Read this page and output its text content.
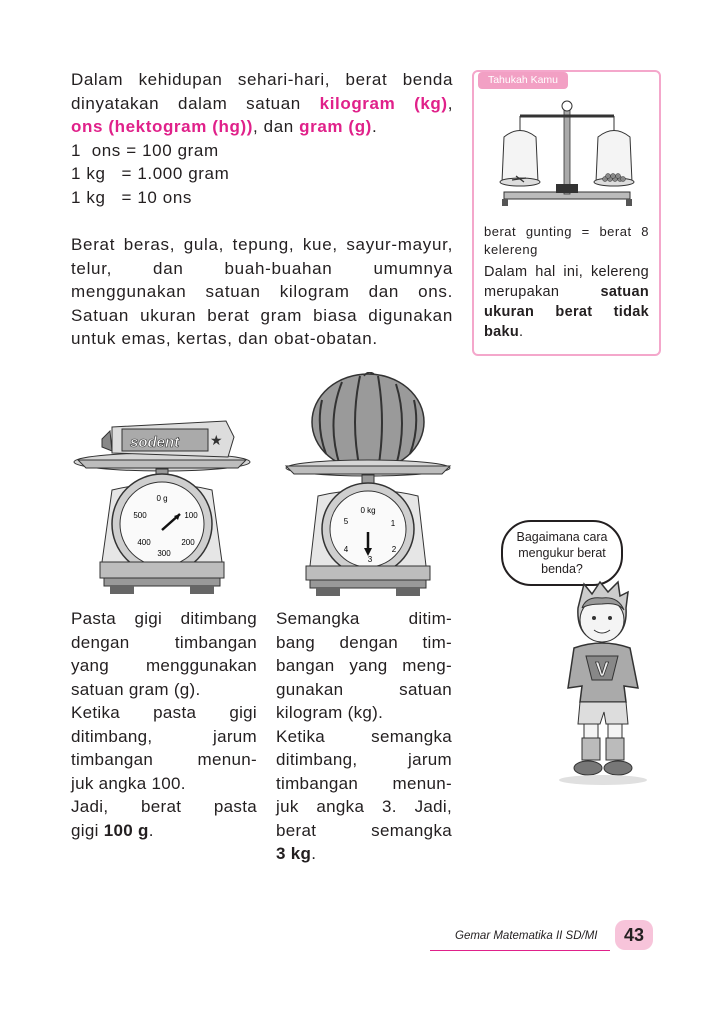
Dalam kehidupan sehari-hari, berat benda
dinyatakan dalam satuan kilogram (kg),
ons (hektogram (hg)), dan gram (g).
1  ons = 100 gram
1 kg   = 1.000 gram
1 kg   = 10 ons
Berat beras, gula, tepung, kue, sayur-mayur, telur, dan buah-buahan umumnya menggunakan satuan kilogram dan ons. Satuan ukuran berat gram biasa digunakan untuk emas, kertas, dan obat-obatan.
Tahukah Kamu
berat gunting = berat 8 kelereng
Dalam hal ini, kelereng merupakan	satuan ukuran berat tidak baku.
0 g
100
200
300
400
500
sodent ★
0 kg
1
2
3
4
5
Bagaimana cara mengukur berat benda?
V
Pasta gigi ditimbang
dengan timbangan
yang menggunakan
satuan gram (g).
Ketika pasta gigi
ditimbang, jarum
timbangan menun-
juk angka 100.
Jadi, berat pasta
gigi 100 g.
Semangka ditim-
bang dengan tim-
bangan yang meng-
gunakan satuan
kilogram (kg).
Ketika semangka
ditimbang, jarum
timbangan menun-
juk angka 3. Jadi,
berat semangka
3 kg.
Gemar Matematika II SD/MI	43
